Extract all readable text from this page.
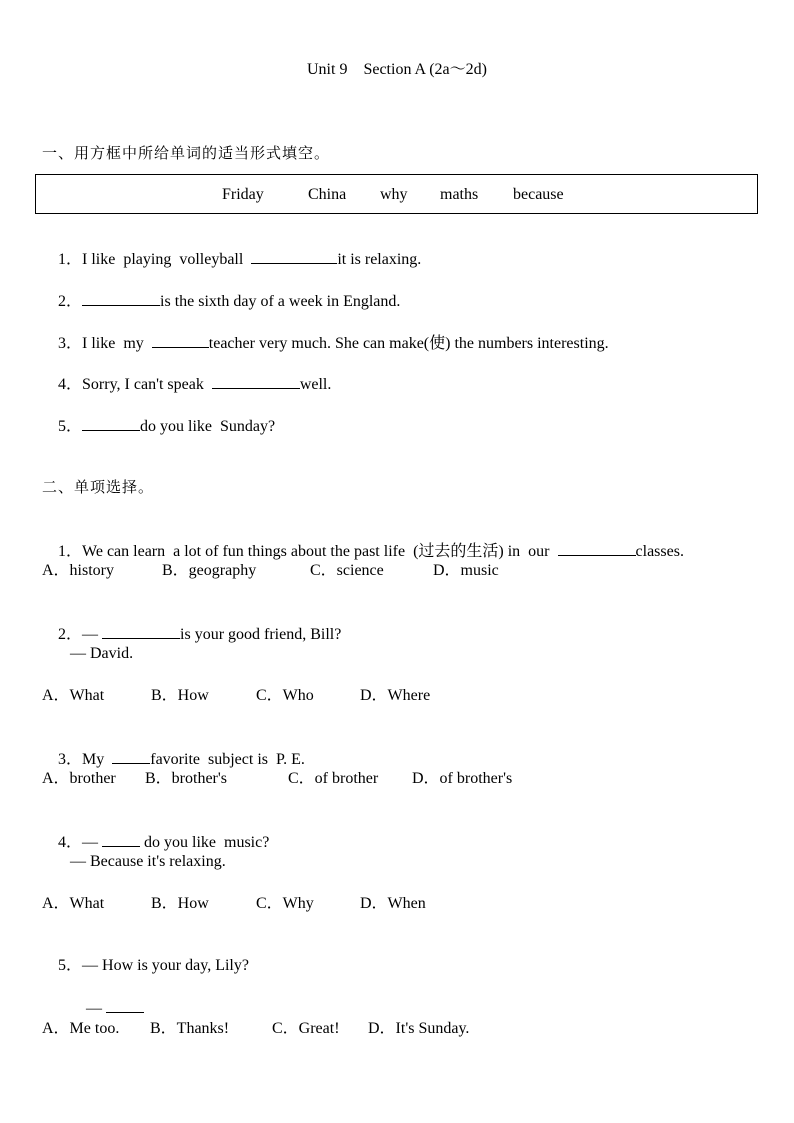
Unit 9    Section A (2a～2d)
一、用方框中所给单词的适当形式填空。
Friday	China why maths because

1．I like  playing  volleyball	it is relaxing.

2．	is the sixth day of a week in England.

3．I like  my	teacher very much. She can make(使) the numbers interesting.

4．Sorry, I can't speak	well.

5．	do you like  Sunday?

二、单项选择。

1．We can learn  a lot of fun things about the past life  (过去的生活) in  our	classes.

A．history	B．geography	C．science	D．music

2．—	is your good friend, Bill?

— David.
A．What	B．How	C．Who	D．Where

3．My  favorite  subject is  P. E.

A．brother B．brother's	C．of brother D．of brother's

4．—  do you like  music?

— Because it's relaxing.
A．What	B．How	C．Why	D．When

5．— How is your day, Lily?

—

A．Me too. B．Thanks!	C．Great! D．It's Sunday.
